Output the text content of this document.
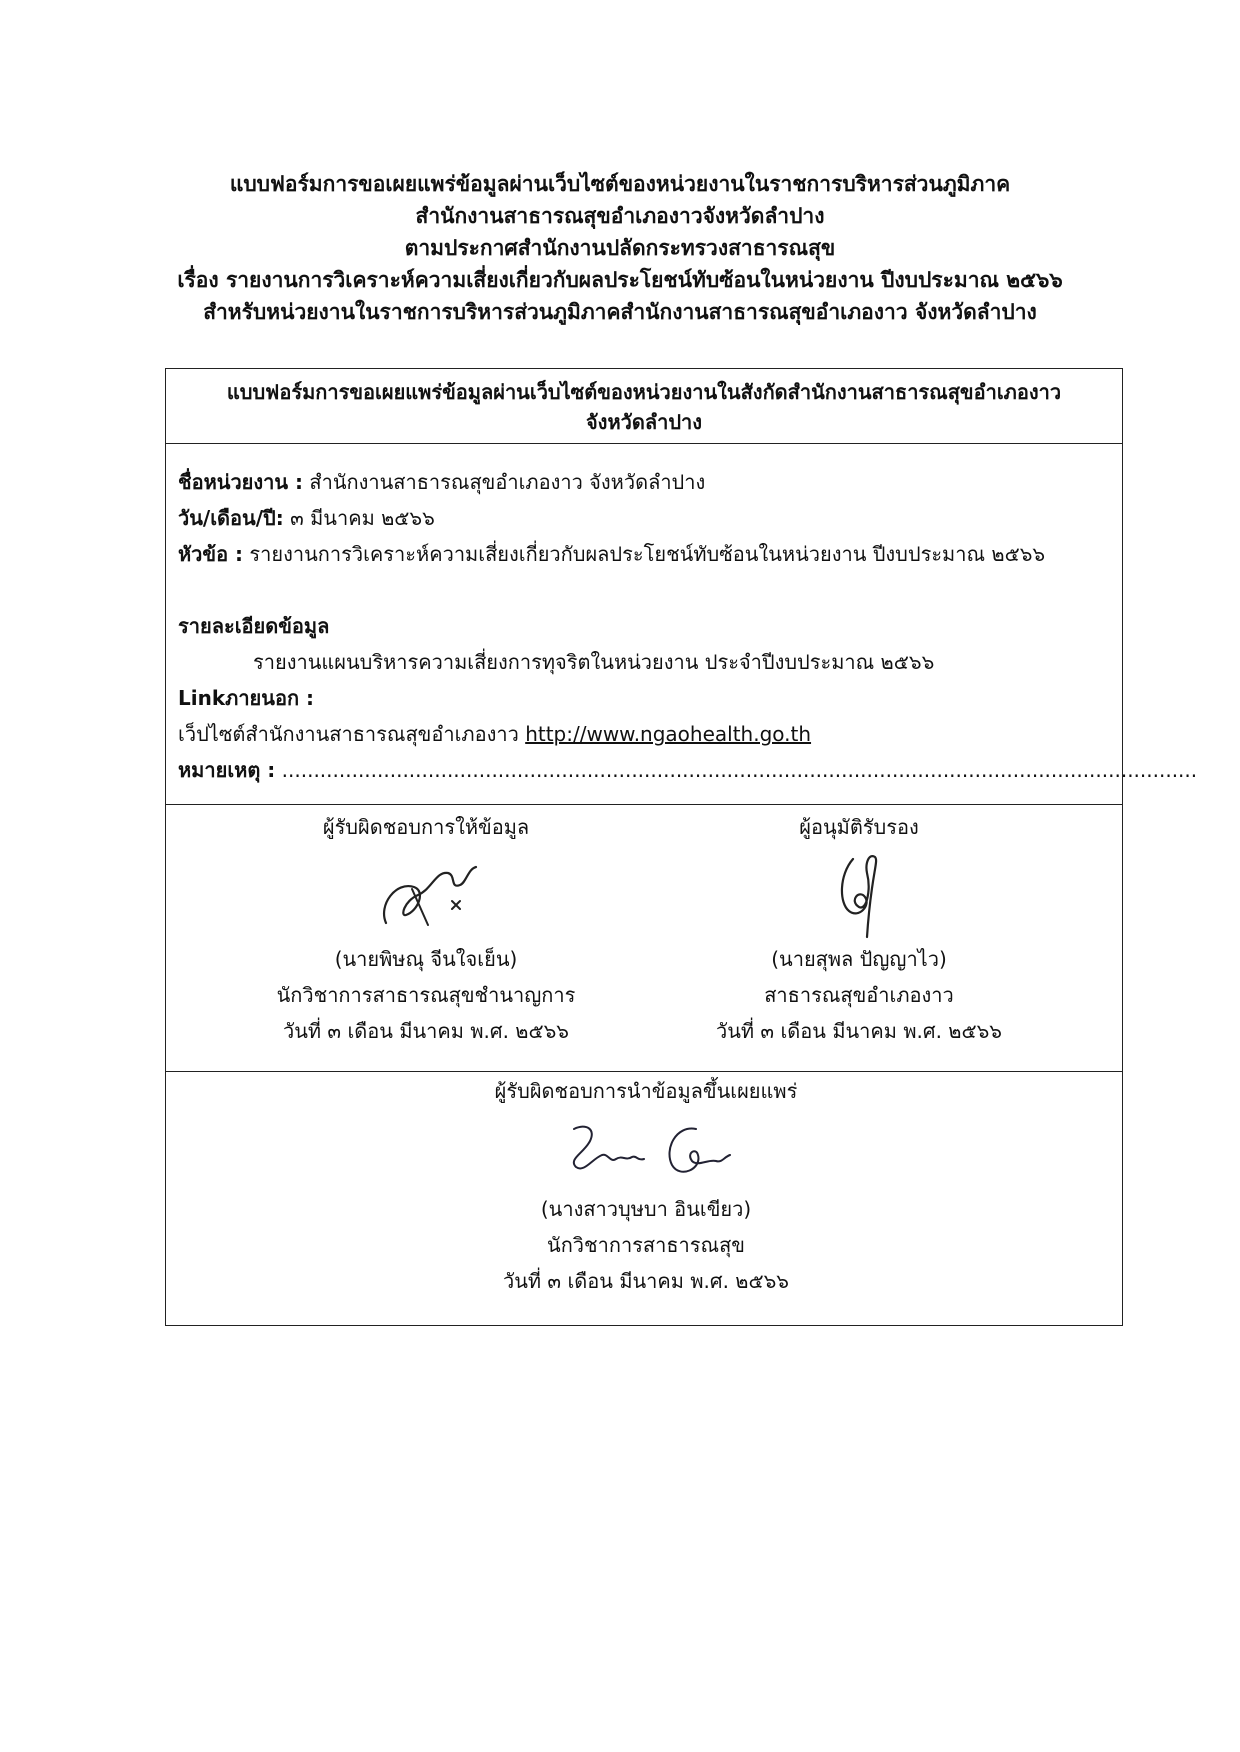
แบบฟอร์มการขอเผยแพร่ข้อมูลผ่านเว็บไซต์ของหน่วยงานในราชการบริหารส่วนภูมิภาค
สำนักงานสาธารณสุขอำเภองาวจังหวัดลำปาง
ตามประกาศสำนักงานปลัดกระทรวงสาธารณสุข
เรื่อง รายงานการวิเคราะห์ความเสี่ยงเกี่ยวกับผลประโยชน์ทับซ้อนในหน่วยงาน ปีงบประมาณ ๒๕๖๖
สำหรับหน่วยงานในราชการบริหารส่วนภูมิภาคสำนักงานสาธารณสุขอำเภองาว จังหวัดลำปาง
แบบฟอร์มการขอเผยแพร่ข้อมูลผ่านเว็บไซต์ของหน่วยงานในสังกัดสำนักงานสาธารณสุขอำเภองาว
จังหวัดลำปาง
ชื่อหน่วยงาน : สำนักงานสาธารณสุขอำเภองาว จังหวัดลำปาง
วัน/เดือน/ปี: ๓ มีนาคม ๒๕๖๖
หัวข้อ : รายงานการวิเคราะห์ความเสี่ยงเกี่ยวกับผลประโยชน์ทับซ้อนในหน่วยงาน ปีงบประมาณ ๒๕๖๖
รายละเอียดข้อมูล
รายงานแผนบริหารความเสี่ยงการทุจริตในหน่วยงาน ประจำปีงบประมาณ ๒๕๖๖
Linkภายนอก :
เว็ปไซต์สำนักงานสาธารณสุขอำเภองาว http://www.ngaohealth.go.th
หมายเหตุ : ................................................................................................................................................
ผู้รับผิดชอบการให้ข้อมูล
(นายพิษณุ จีนใจเย็น)
นักวิชาการสาธารณสุขชำนาญการ
วันที่ ๓ เดือน มีนาคม พ.ศ. ๒๕๖๖
ผู้อนุมัติรับรอง
(นายสุพล ปัญญาไว)
สาธารณสุขอำเภองาว
วันที่ ๓ เดือน มีนาคม พ.ศ. ๒๕๖๖
ผู้รับผิดชอบการนำข้อมูลขึ้นเผยแพร่
(นางสาวบุษบา อินเขียว)
นักวิชาการสาธารณสุข
วันที่ ๓ เดือน มีนาคม พ.ศ. ๒๕๖๖
